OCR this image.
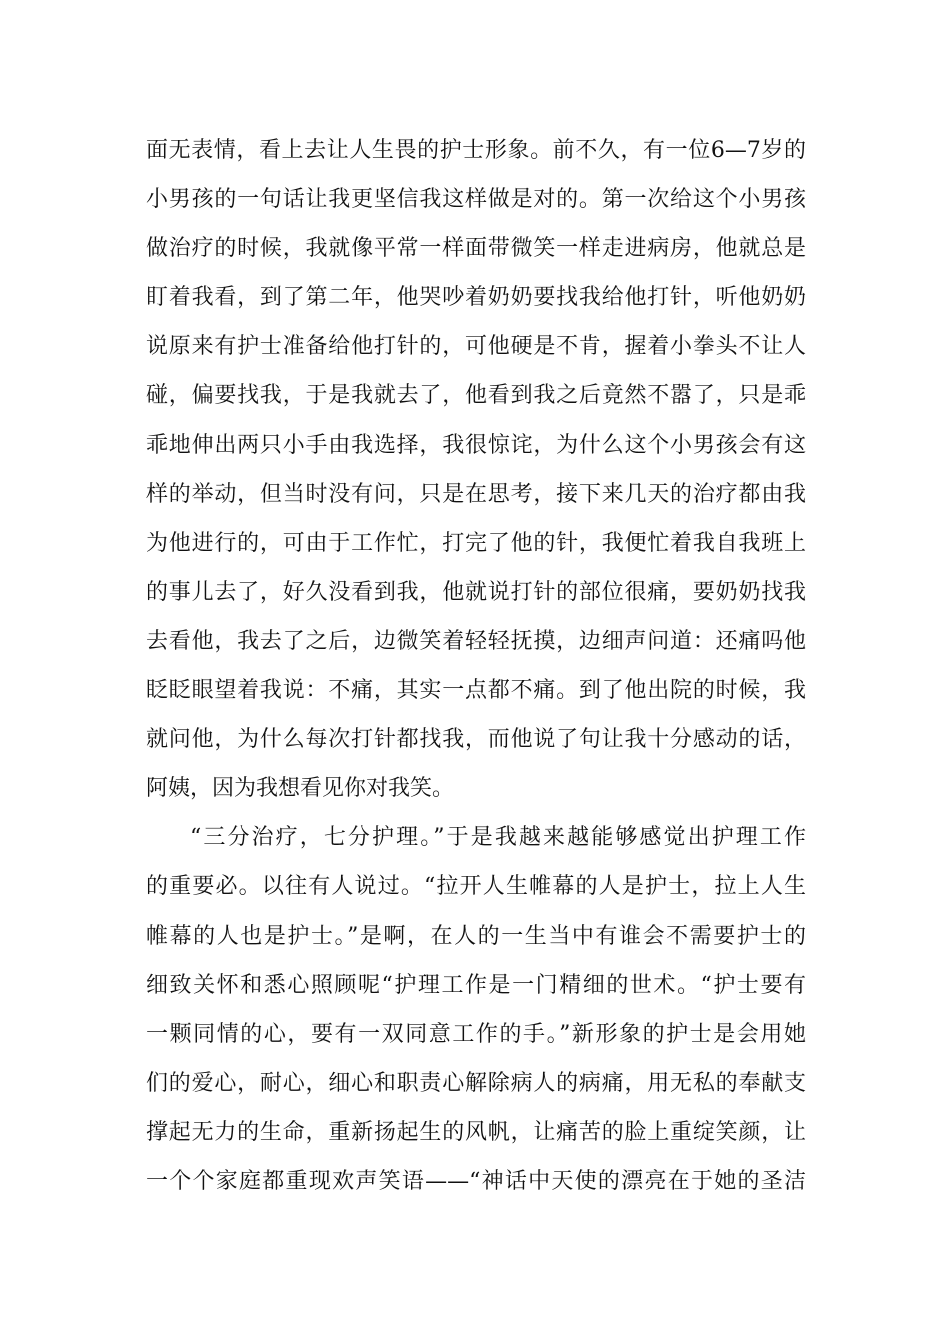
面无表情，看上去让人生畏的护士形象。前不久，有一位6—7岁的
小男孩的一句话让我更坚信我这样做是对的。第一次给这个小男孩
做治疗的时候，我就像平常一样面带微笑一样走进病房，他就总是
盯着我看，到了第二年，他哭吵着奶奶要找我给他打针，听他奶奶
说原来有护士准备给他打针的，可他硬是不肯，握着小拳头不让人
碰，偏要找我，于是我就去了，他看到我之后竟然不嚣了，只是乖
乖地伸出两只小手由我选择，我很惊诧，为什么这个小男孩会有这
样的举动，但当时没有问，只是在思考，接下来几天的治疗都由我
为他进行的，可由于工作忙，打完了他的针，我便忙着我自我班上
的事儿去了，好久没看到我，他就说打针的部位很痛，要奶奶找我
去看他，我去了之后，边微笑着轻轻抚摸，边细声问道：还痛吗他
眨眨眼望着我说：不痛，其实一点都不痛。到了他出院的时候，我
就问他，为什么每次打针都找我，而他说了句让我十分感动的话，
阿姨，因为我想看见你对我笑。
“三分治疗，七分护理。”于是我越来越能够感觉出护理工作
的重要必。以往有人说过。“拉开人生帷幕的人是护士，拉上人生
帷幕的人也是护士。”是啊，在人的一生当中有谁会不需要护士的
细致关怀和悉心照顾呢“护理工作是一门精细的世术。“护士要有
一颗同情的心，要有一双同意工作的手。”新形象的护士是会用她
们的爱心，耐心，细心和职责心解除病人的病痛，用无私的奉献支
撑起无力的生命，重新扬起生的风帆，让痛苦的脸上重绽笑颜，让
一个个家庭都重现欢声笑语——“神话中天使的漂亮在于她的圣洁
